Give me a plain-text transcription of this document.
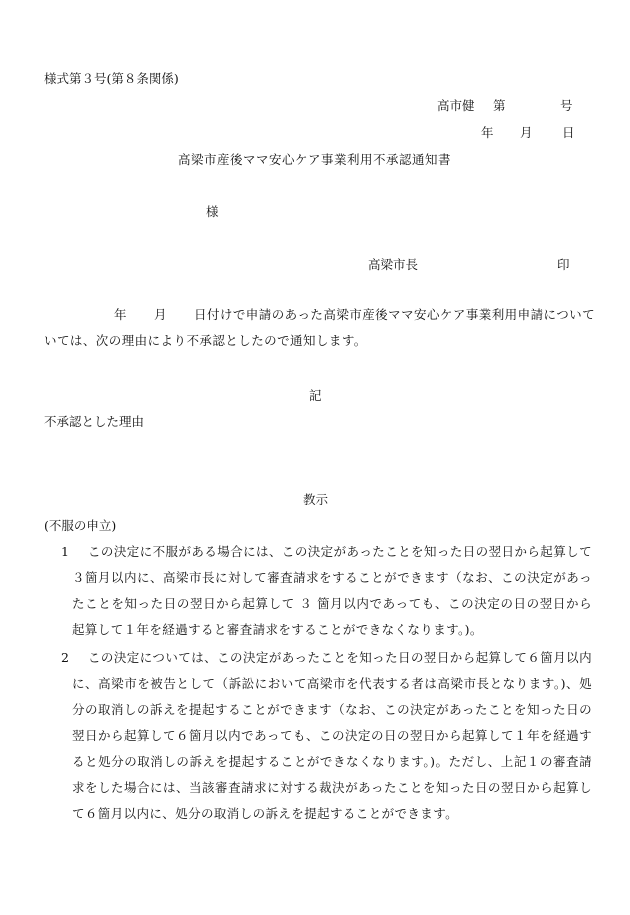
様式第３号(第８条関係)
高市健 第	号
年 月 日
高梁市産後ママ安心ケア事業利用不承認通知書
様
高梁市長	印
年 月 日付けで申請のあった高梁市産後ママ安心ケア事業利用申請について
いては、次の理由により不承認としたので通知します。
記
不承認とした理由
教示
(不服の申立)
1	この決定に不服がある場合には、この決定があったことを知った日の翌日から起算して３箇月以内に、高梁市長に対して審査請求をすることができます（なお、この決定があったことを知った日の翌日から起算して ３ 箇月以内であっても、この決定の日の翌日から起算して１年を経過すると審査請求をすることができなくなります。)。
2	この決定については、この決定があったことを知った日の翌日から起算して６箇月以内に、高梁市を被告として（訴訟において高梁市を代表する者は高梁市長となります。)、処分の取消しの訴えを提起することができます（なお、この決定があったことを知った日の翌日から起算して６箇月以内であっても、この決定の日の翌日から起算して１年を経過すると処分の取消しの訴えを提起することができなくなります。)。ただし、上記１の審査請求をした場合には、当該審査請求に対する裁決があったことを知った日の翌日から起算して６箇月以内に、処分の取消しの訴えを提起することができます。
